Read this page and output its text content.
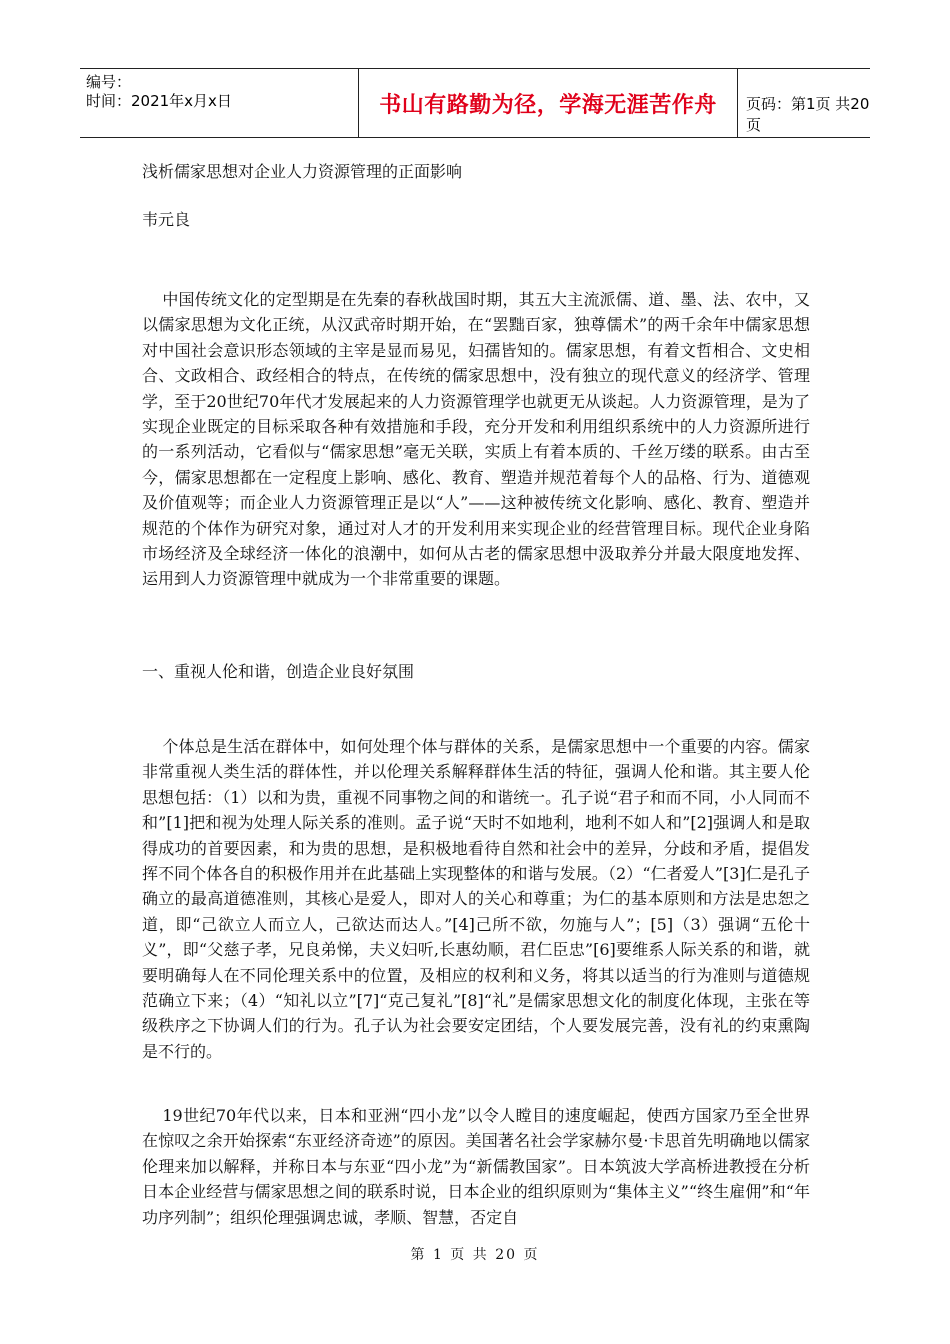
编号：
时间：2021年x月x日	书山有路勤为径，学海无涯苦作舟	页码：第1页 共20页
浅析儒家思想对企业人力资源管理的正面影响
韦元良

中国传统文化的定型期是在先秦的春秋战国时期，其五大主流派儒、道、墨、法、农中，又以儒家思想为文化正统，从汉武帝时期开始，在“罢黜百家，独尊儒术”的两千余年中儒家思想对中国社会意识形态领域的主宰是显而易见，妇孺皆知的。儒家思想，有着文哲相合、文史相合、文政相合、政经相合的特点，在传统的儒家思想中，没有独立的现代意义的经济学、管理学，至于20世纪70年代才发展起来的人力资源管理学也就更无从谈起。人力资源管理，是为了实现企业既定的目标采取各种有效措施和手段，充分开发和利用组织系统中的人力资源所进行的一系列活动，它看似与“儒家思想”毫无关联，实质上有着本质的、千丝万缕的联系。由古至今，儒家思想都在一定程度上影响、感化、教育、塑造并规范着每个人的品格、行为、道德观及价值观等；而企业人力资源管理正是以“人”——这种被传统文化影响、感化、教育、塑造并规范的个体作为研究对象，通过对人才的开发利用来实现企业的经营管理目标。现代企业身陷市场经济及全球经济一体化的浪潮中，如何从古老的儒家思想中汲取养分并最大限度地发挥、运用到人力资源管理中就成为一个非常重要的课题。

一、重视人伦和谐，创造企业良好氛围

个体总是生活在群体中，如何处理个体与群体的关系，是儒家思想中一个重要的内容。儒家非常重视人类生活的群体性，并以伦理关系解释群体生活的特征，强调人伦和谐。其主要人伦思想包括：（1）以和为贵，重视不同事物之间的和谐统一。孔子说“君子和而不同，小人同而不和”[1]把和视为处理人际关系的准则。孟子说“天时不如地利，地利不如人和”[2]强调人和是取得成功的首要因素，和为贵的思想，是积极地看待自然和社会中的差异，分歧和矛盾，提倡发挥不同个体各自的积极作用并在此基础上实现整体的和谐与发展。（2）“仁者爱人”[3]仁是孔子确立的最高道德准则，其核心是爱人，即对人的关心和尊重；为仁的基本原则和方法是忠恕之道，即“己欲立人而立人，己欲达而达人。”[4]己所不欲，勿施与人”；[5]（3）强调“五伦十义”，即“父慈子孝，兄良弟悌，夫义妇听,长惠幼顺，君仁臣忠”[6]要维系人际关系的和谐，就要明确每人在不同伦理关系中的位置，及相应的权利和义务，将其以适当的行为准则与道德规范确立下来；（4）“知礼以立”[7]“克己复礼”[8]“礼”是儒家思想文化的制度化体现，主张在等级秩序之下协调人们的行为。孔子认为社会要安定团结，个人要发展完善，没有礼的约束熏陶是不行的。

19世纪70年代以来，日本和亚洲“四小龙”以令人瞠目的速度崛起，使西方国家乃至全世界在惊叹之余开始探索“东亚经济奇迹”的原因。美国著名社会学家赫尔曼·卡思首先明确地以儒家伦理来加以解释，并称日本与东亚“四小龙”为“新儒教国家”。日本筑波大学高桥进教授在分析日本企业经营与儒家思想之间的联系时说，日本企业的组织原则为“集体主义”“终生雇佣”和“年功序列制”；组织伦理强调忠诚，孝顺、智慧，否定自

第 1 页 共 20 页
